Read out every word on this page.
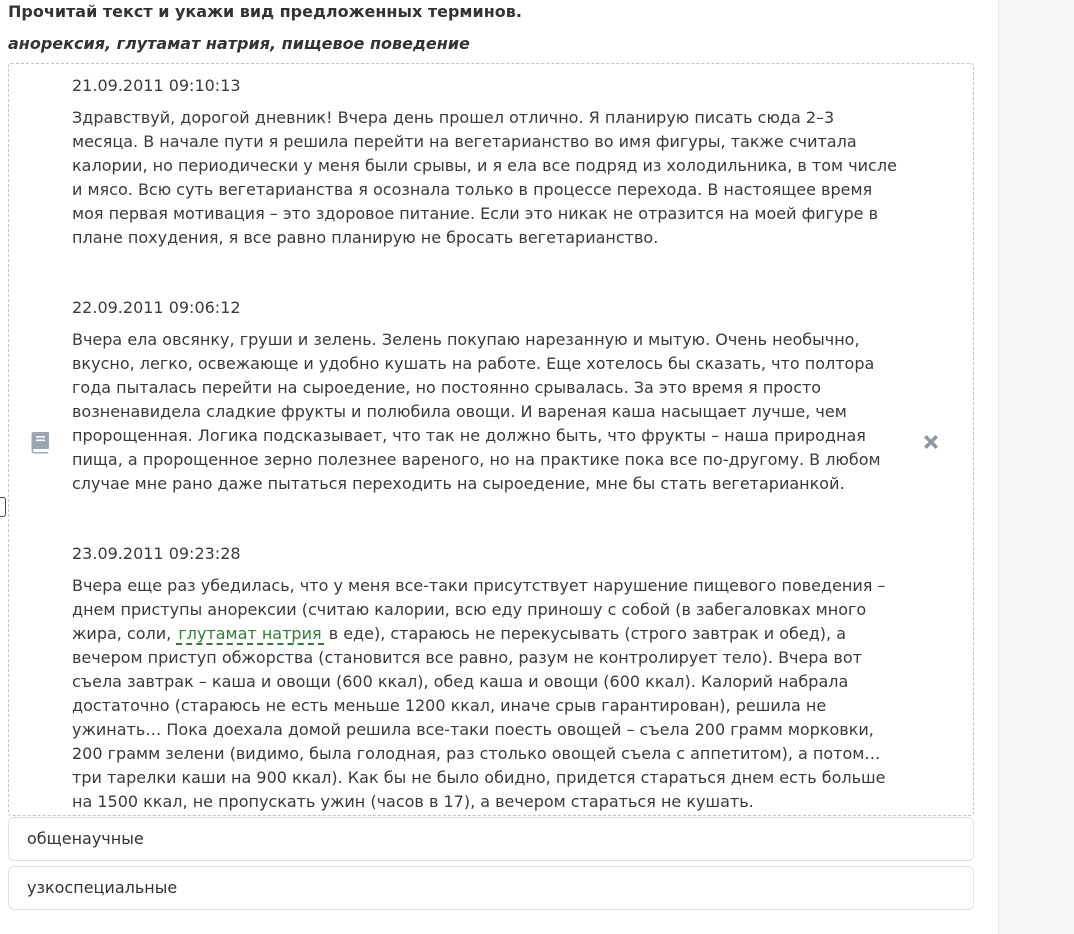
Прочитай текст и укажи вид предложенных терминов.

анорексия, глутамат натрия, пищевое поведение

21.09.2011 09:10:13

Здравствуй, дорогой дневник! Вчера день прошел отлично. Я планирую писать сюда 2–3 месяца. В начале пути я решила перейти на вегетарианство во имя фигуры, также считала калории, но периодически у меня были срывы, и я ела все подряд из холодильника, в том числе и мясо. Всю суть вегетарианства я осознала только в процессе перехода. В настоящее время моя первая мотивация – это здоровое питание. Если это никак не отразится на моей фигуре в плане похудения, я все равно планирую не бросать вегетарианство.

22.09.2011 09:06:12

Вчера ела овсянку, груши и зелень. Зелень покупаю нарезанную и мытую. Очень необычно, вкусно, легко, освежающе и удобно кушать на работе. Еще хотелось бы сказать, что полтора года пыталась перейти на сыроедение, но постоянно срывалась. За это время я просто возненавидела сладкие фрукты и полюбила овощи. И вареная каша насыщает лучше, чем пророщенная. Логика подсказывает, что так не должно быть, что фрукты – наша природная пища, а пророщенное зерно полезнее вареного, но на практике пока все по-другому. В любом случае мне рано даже пытаться переходить на сыроедение, мне бы стать вегетарианкой.

23.09.2011 09:23:28

Вчера еще раз убедилась, что у меня все-таки присутствует нарушение пищевого поведения – днем приступы анорексии (считаю калории, всю еду приношу с собой (в забегаловках много жира, соли, глутамат натрия в еде), стараюсь не перекусывать (строго завтрак и обед), а вечером приступ обжорства (становится все равно, разум не контролирует тело). Вчера вот съела завтрак – каша и овощи (600 ккал), обед каша и овощи (600 ккал). Калорий набрала достаточно (стараюсь не есть меньше 1200 ккал, иначе срыв гарантирован), решила не ужинать… Пока доехала домой решила все-таки поесть овощей – съела 200 грамм морковки, 200 грамм зелени (видимо, была голодная, раз столько овощей съела с аппетитом), а потом… три тарелки каши на 900 ккал). Как бы не было обидно, придется стараться днем есть больше на 1500 ккал, не пропускать ужин (часов в 17), а вечером стараться не кушать.

общенаучные
узкоспециальные
